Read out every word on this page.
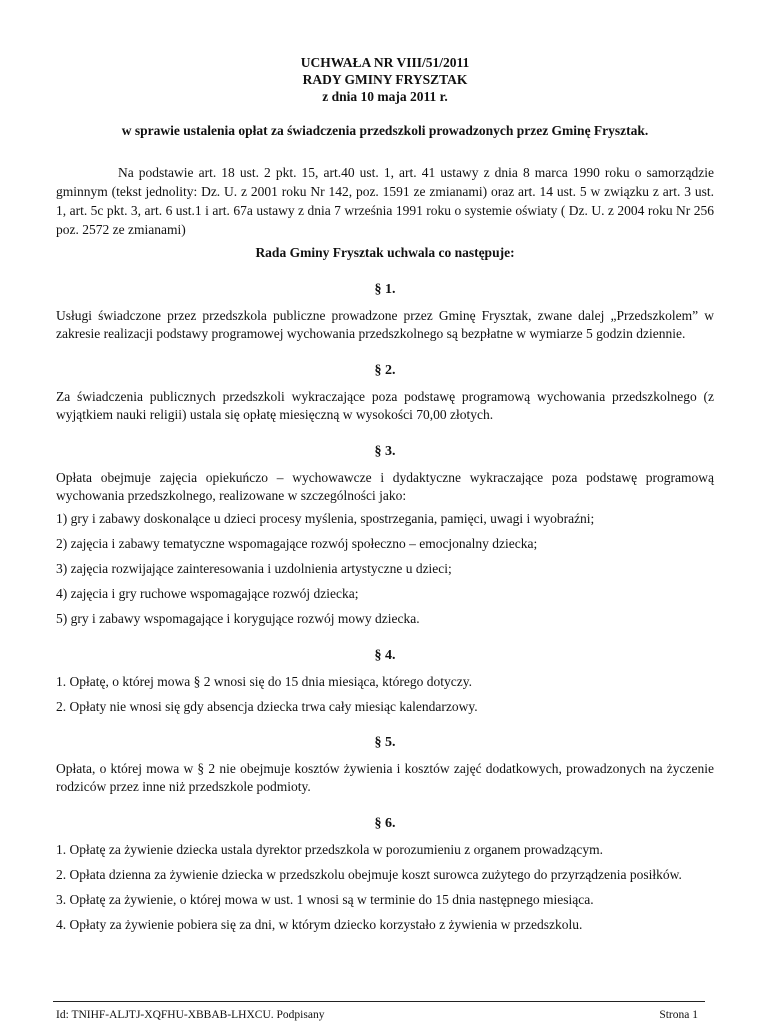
UCHWAŁA NR VIII/51/2011
RADY GMINY FRYSZTAK
z dnia 10 maja 2011 r.
w sprawie ustalenia opłat za świadczenia przedszkoli prowadzonych przez Gminę Frysztak.
Na podstawie art. 18 ust. 2 pkt. 15, art.40 ust. 1, art. 41 ustawy z dnia 8 marca 1990 roku o samorządzie gminnym (tekst jednolity: Dz. U. z 2001 roku Nr 142, poz. 1591 ze zmianami) oraz art. 14 ust. 5 w związku z art. 3 ust. 1, art. 5c pkt. 3, art. 6 ust.1 i art. 67a ustawy z dnia 7 września 1991 roku o systemie oświaty ( Dz. U. z 2004 roku Nr 256 poz. 2572 ze zmianami)
Rada Gminy Frysztak uchwala co następuje:
§ 1.
Usługi świadczone przez przedszkola publiczne prowadzone przez Gminę Frysztak, zwane dalej „Przedszkolem” w zakresie realizacji podstawy programowej wychowania przedszkolnego są bezpłatne w wymiarze 5 godzin dziennie.
§ 2.
Za świadczenia publicznych przedszkoli wykraczające poza podstawę programową wychowania przedszkolnego (z wyjątkiem nauki religii) ustala się opłatę miesięczną w wysokości 70,00 złotych.
§ 3.
Opłata obejmuje zajęcia opiekuńczo – wychowawcze i dydaktyczne wykraczające poza podstawę programową wychowania przedszkolnego, realizowane w szczególności jako:
1) gry i zabawy doskonalące u dzieci procesy myślenia, spostrzegania, pamięci, uwagi i wyobraźni;
2) zajęcia i zabawy tematyczne wspomagające rozwój społeczno – emocjonalny dziecka;
3) zajęcia rozwijające zainteresowania i uzdolnienia artystyczne u dzieci;
4) zajęcia i gry ruchowe wspomagające rozwój dziecka;
5) gry i zabawy wspomagające i korygujące rozwój mowy dziecka.
§ 4.
1. Opłatę, o której mowa § 2 wnosi się do 15 dnia miesiąca, którego dotyczy.
2. Opłaty nie wnosi się gdy absencja dziecka trwa cały miesiąc kalendarzowy.
§ 5.
Opłata, o której mowa w § 2 nie obejmuje kosztów żywienia i kosztów zajęć dodatkowych, prowadzonych na życzenie rodziców przez inne niż przedszkole podmioty.
§ 6.
1. Opłatę za żywienie dziecka ustala dyrektor przedszkola w porozumieniu z organem prowadzącym.
2. Opłata dzienna za żywienie dziecka w przedszkolu obejmuje koszt surowca zużytego do przyrządzenia posiłków.
3. Opłatę za żywienie, o której mowa w ust. 1 wnosi są w terminie do 15 dnia następnego miesiąca.
4. Opłaty za żywienie pobiera się za dni, w którym dziecko korzystało z żywienia w przedszkolu.
Id: TNIHF-ALJTJ-XQFHU-XBBAB-LHXCU. Podpisany	Strona 1
